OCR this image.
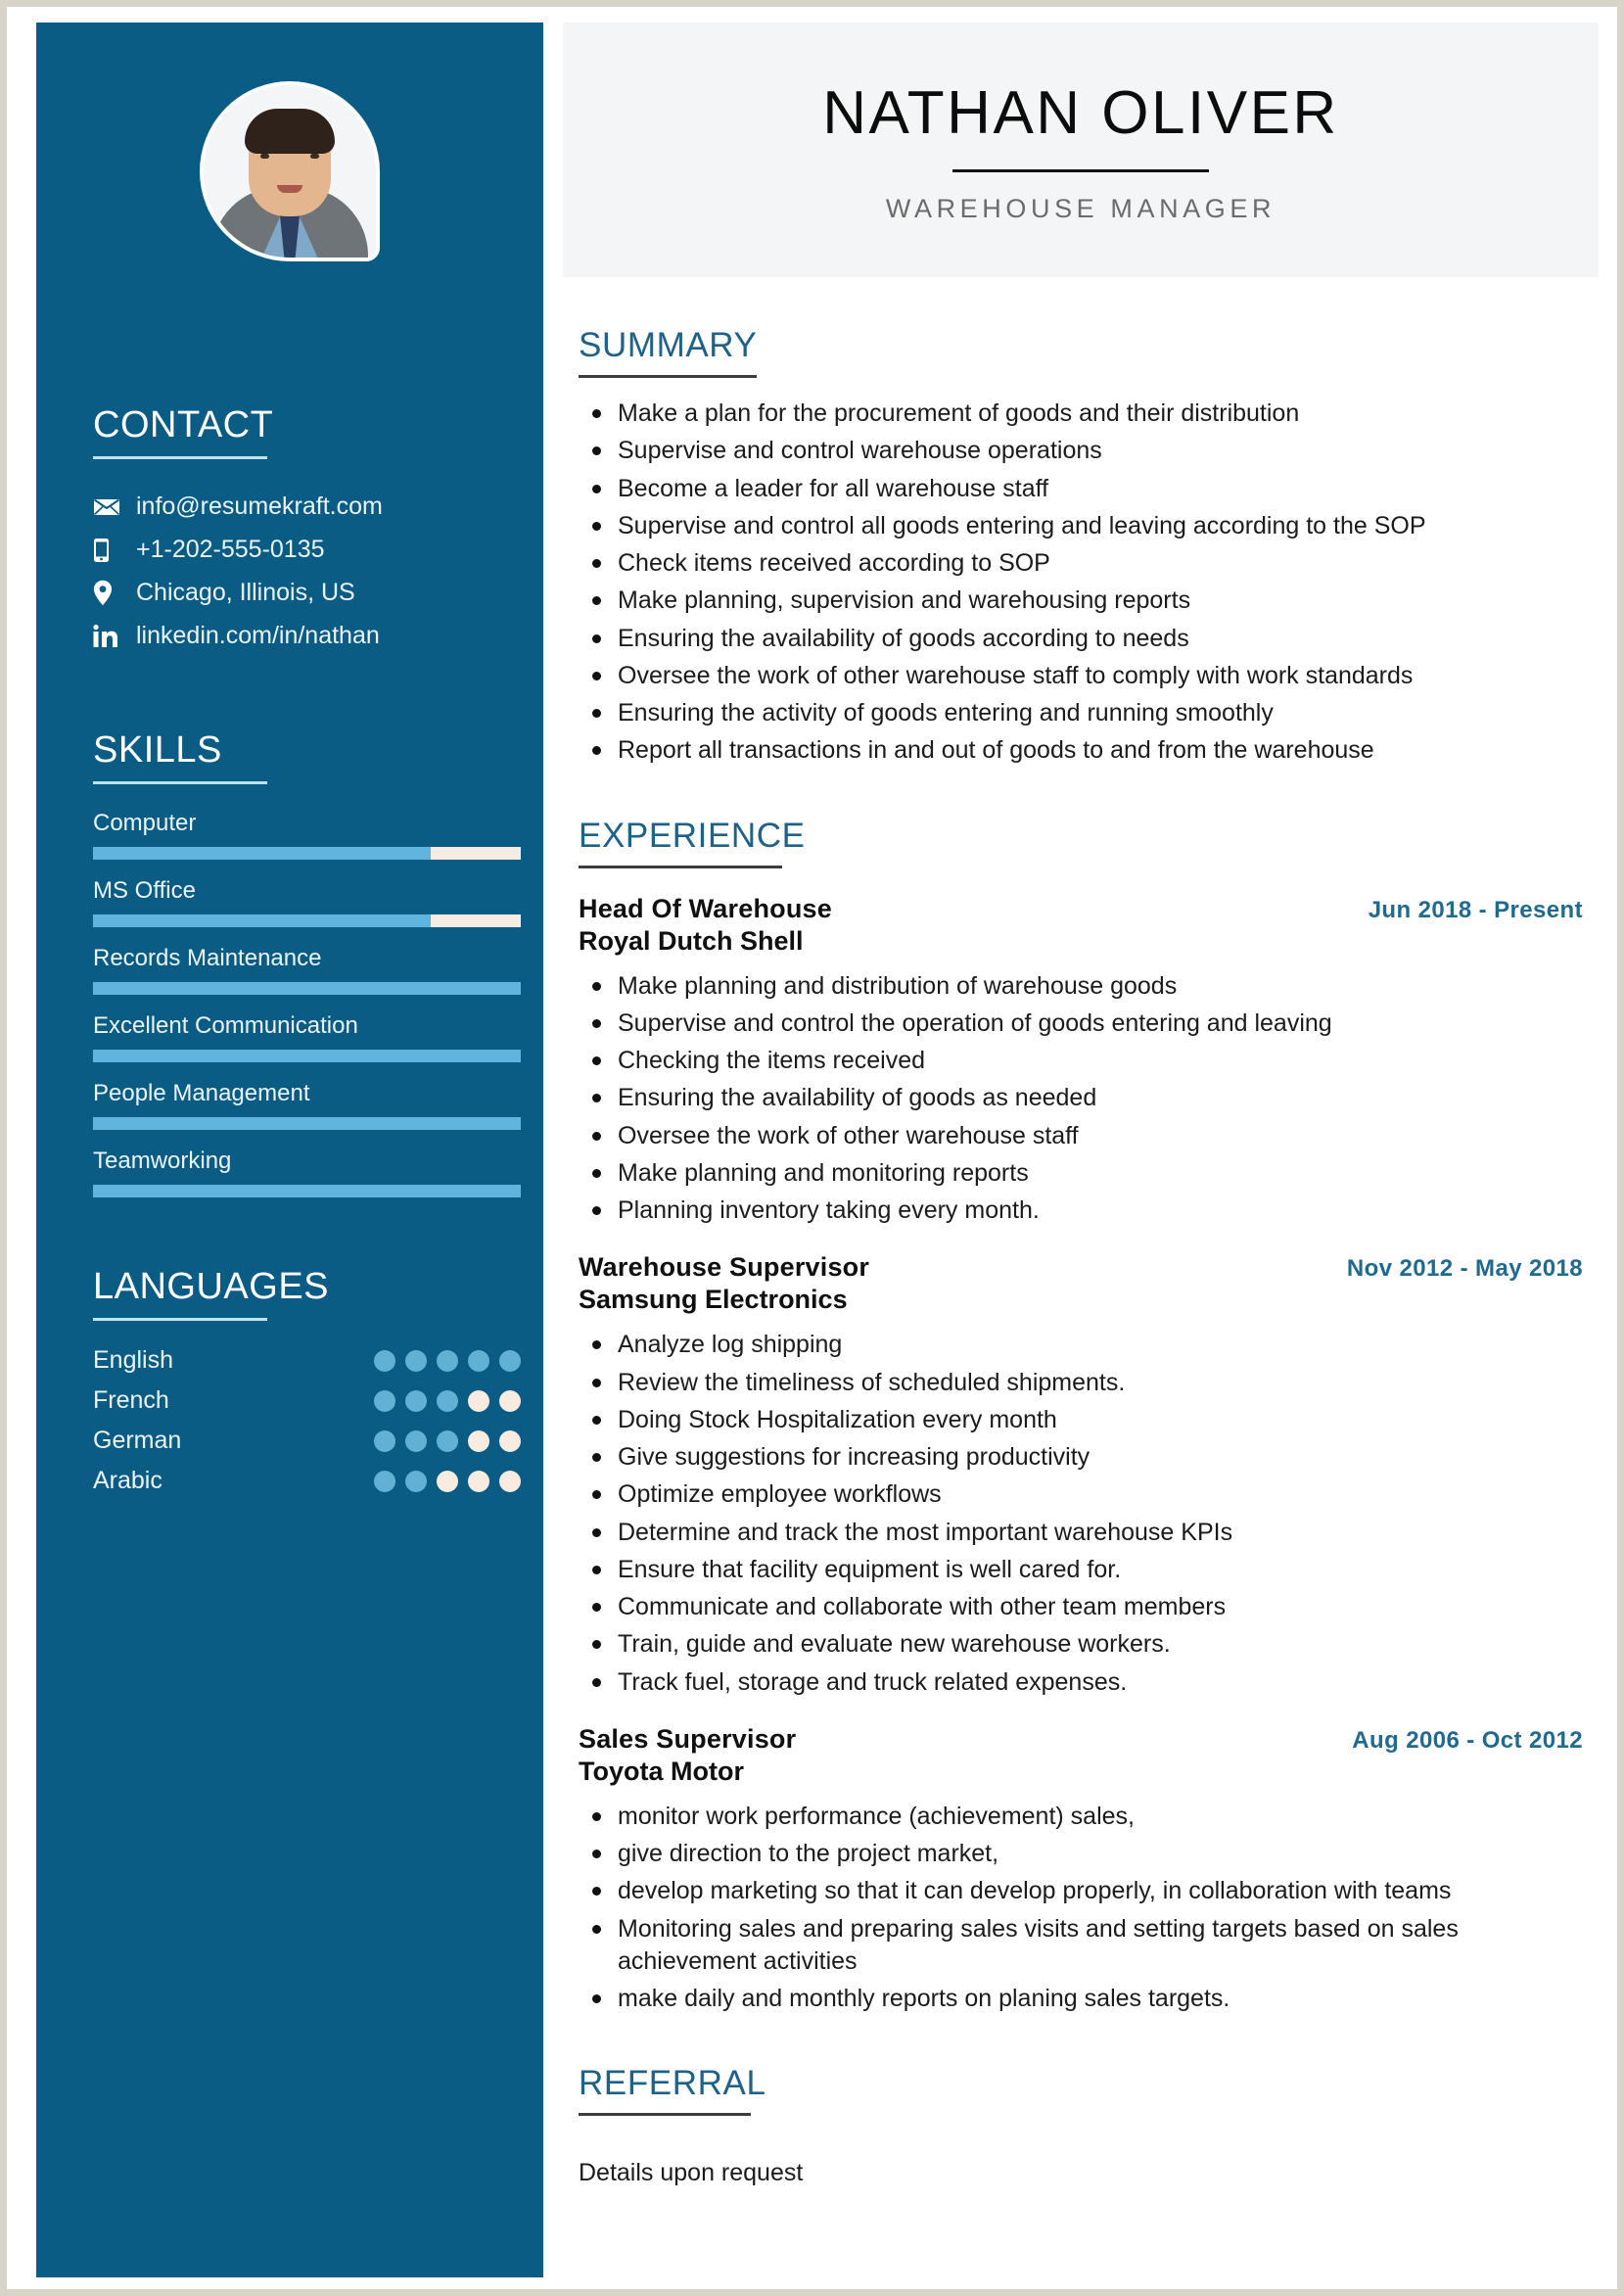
CONTACT
info@resumekraft.com
+1-202-555-0135
Chicago, Illinois, US
linkedin.com/in/nathan
SKILLS
Computer
MS Office
Records Maintenance
Excellent Communication
People Management
Teamworking
LANGUAGES
English
French
German
Arabic
NATHAN OLIVER
WAREHOUSE MANAGER
SUMMARY
Make a plan for the procurement of goods and their distribution
Supervise and control warehouse operations
Become a leader for all warehouse staff
Supervise and control all goods entering and leaving according to the SOP
Check items received according to SOP
Make planning, supervision and warehousing reports
Ensuring the availability of goods according to needs
Oversee the work of other warehouse staff to comply with work standards
Ensuring the activity of goods entering and running smoothly
Report all transactions in and out of goods to and from the warehouse
EXPERIENCE
Head Of Warehouse	Jun 2018 - Present
Royal Dutch Shell
Make planning and distribution of warehouse goods
Supervise and control the operation of goods entering and leaving
Checking the items received
Ensuring the availability of goods as needed
Oversee the work of other warehouse staff
Make planning and monitoring reports
Planning inventory taking every month.
Warehouse Supervisor	Nov 2012 - May 2018
Samsung Electronics
Analyze log shipping
Review the timeliness of scheduled shipments.
Doing Stock Hospitalization every month
Give suggestions for increasing productivity
Optimize employee workflows
Determine and track the most important warehouse KPIs
Ensure that facility equipment is well cared for.
Communicate and collaborate with other team members
Train, guide and evaluate new warehouse workers.
Track fuel, storage and truck related expenses.
Sales Supervisor	Aug 2006 - Oct 2012
Toyota Motor
monitor work performance (achievement) sales,
give direction to the project market,
develop marketing so that it can develop properly, in collaboration with teams
Monitoring sales and preparing sales visits and setting targets based on sales achievement activities
make daily and monthly reports on planing sales targets.
REFERRAL
Details upon request
